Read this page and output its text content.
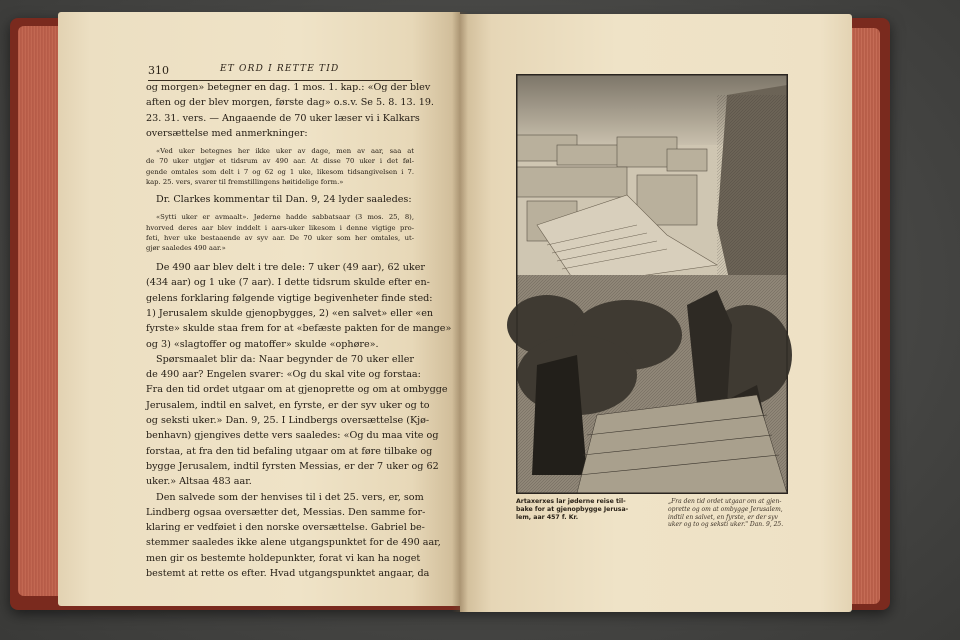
310	ET ORD I RETTE TID
og morgen» betegner en dag. 1 mos. 1. kap.: «Og der blev
aften og der blev morgen, første dag» o.s.v. Se 5. 8. 13. 19.
23. 31. vers. — Angaaende de 70 uker læser vi i Kalkars
oversættelse med anmerkninger:
«Ved uker betegnes her ikke uker av dage, men av aar, saa at
de 70 uker utgjør et tidsrum av 490 aar. At disse 70 uker i det føl-
gende omtales som delt i 7 og 62 og 1 uke, likesom tidsangivelsen i 7.
kap. 25. vers, svarer til fremstillingens høitidelige form.»
Dr. Clarkes kommentar til Dan. 9, 24 lyder saaledes:
«Sytti uker er avmaalt». Jøderne hadde sabbatsaar (3 mos. 25, 8),
hvorved deres aar blev inddelt i aars-uker likesom i denne vigtige pro-
feti, hver uke bestaaende av syv aar. De 70 uker som her omtales, ut-
gjør saaledes 490 aar.»
De 490 aar blev delt i tre dele: 7 uker (49 aar), 62 uker
(434 aar) og 1 uke (7 aar). I dette tidsrum skulde efter en-
gelens forklaring følgende vigtige begivenheter finde sted:
1) Jerusalem skulde gjenopbygges, 2) «en salvet» eller «en
fyrste» skulde staa frem for at «befæste pakten for de mange»
og 3) «slagtoffer og matoffer» skulde «ophøre».
Spørsmaalet blir da: Naar begynder de 70 uker eller
de 490 aar? Engelen svarer: «Og du skal vite og forstaa:
Fra den tid ordet utgaar om at gjenoprette og om at ombygge
Jerusalem, indtil en salvet, en fyrste, er der syv uker og to
og seksti uker.» Dan. 9, 25. I Lindbergs oversættelse (Kjø-
benhavn) gjengives dette vers saaledes: «Og du maa vite og
forstaa, at fra den tid befaling utgaar om at føre tilbake og
bygge Jerusalem, indtil fyrsten Messias, er der 7 uker og 62
uker.» Altsaa 483 aar.
Den salvede som der henvises til i det 25. vers, er, som
Lindberg ogsaa oversætter det, Messias. Den samme for-
klaring er vedføiet i den norske oversættelse. Gabriel be-
stemmer saaledes ikke alene utgangspunktet for de 490 aar,
men gir os bestemte holdepunkter, forat vi kan ha noget
bestemt at rette os efter. Hvad utgangspunktet angaar, da
Artaxerxes lar jøderne reise til-
bake for at gjenopbygge Jerusa-
lem, aar 457 f. Kr.
„Fra den tid ordet utgaar om at gjen-
oprette og om at ombygge Jerusalem,
indtil en salvet, en fyrste, er der syv
uker og to og seksti uker." Dan. 9, 25.
